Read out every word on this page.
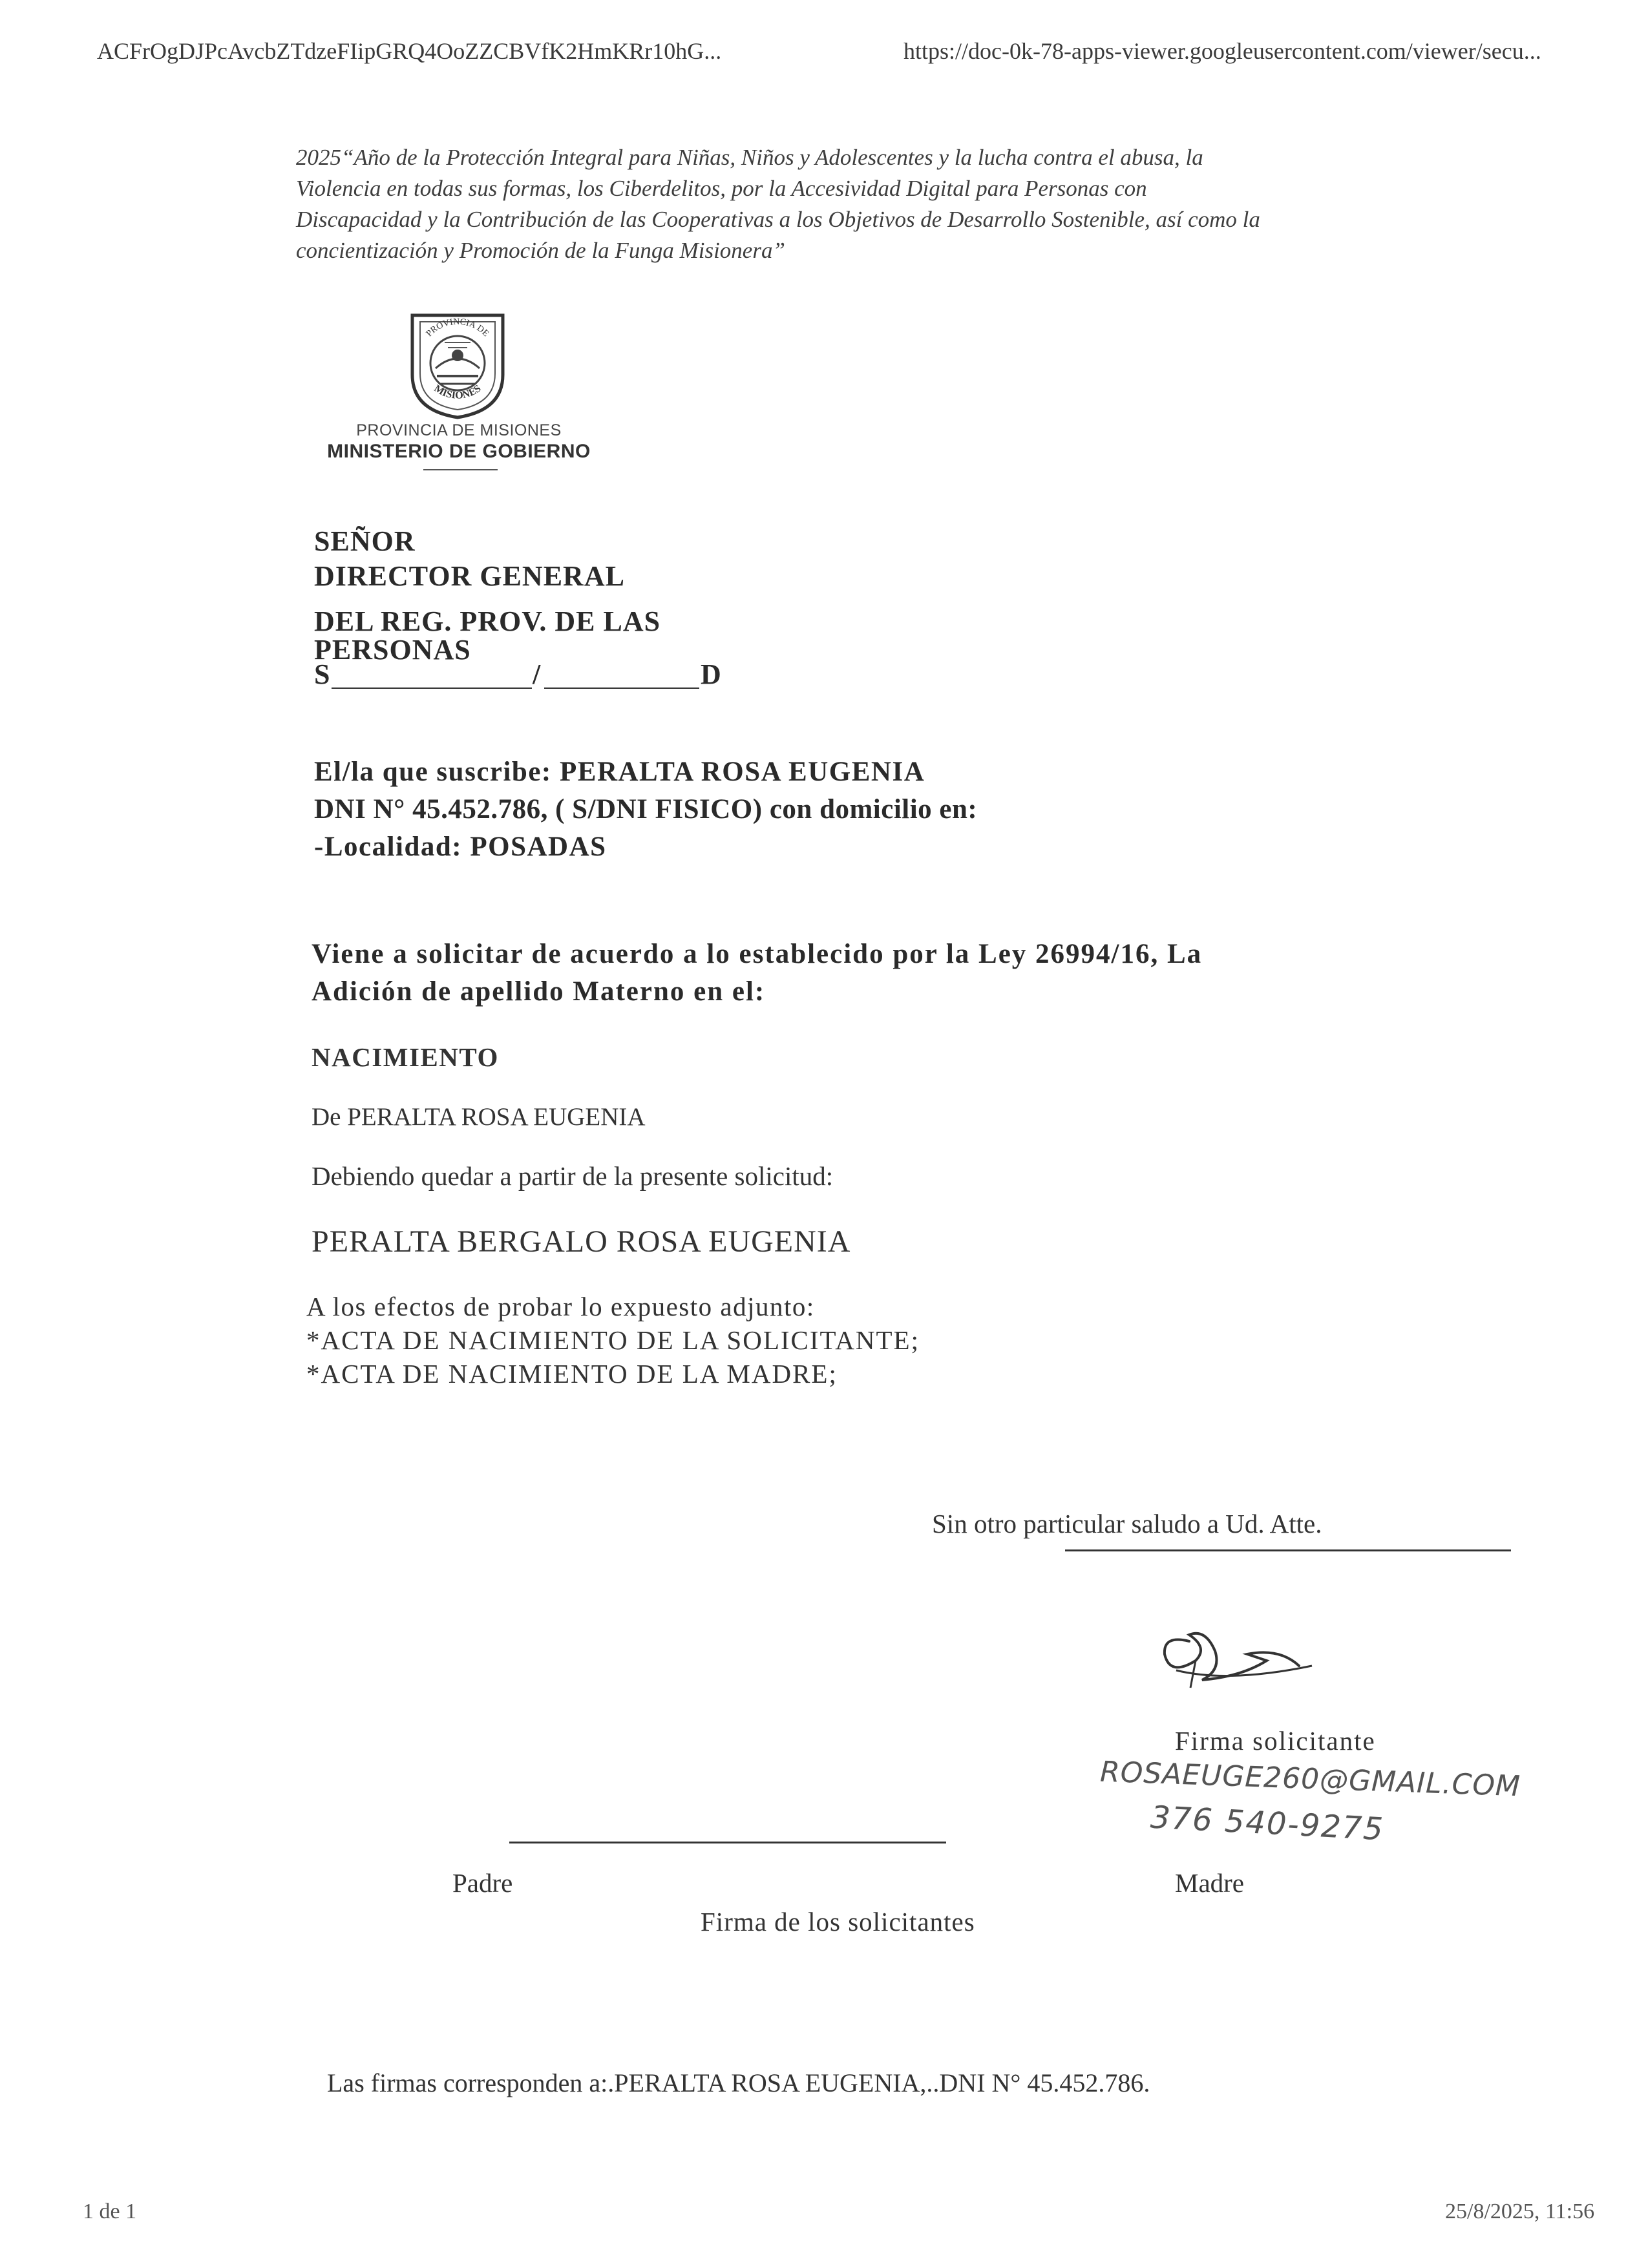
ACFrOgDJPcAvcbZTdzeFIipGRQ4OoZZCBVfK2HmKRr10hG...	https://doc-0k-78-apps-viewer.googleusercontent.com/viewer/secu...
2025“Año de la Protección Integral para Niñas, Niños y Adolescentes y la lucha contra el abusa, la
Violencia en todas sus formas, los Ciberdelitos, por la Accesividad Digital para Personas con
Discapacidad y la Contribución de las Cooperativas a los Objetivos de Desarrollo Sostenible, así como la
concientización y Promoción de la Funga Misionera”
PROVINCIA DE
MISIONES
PROVINCIA DE MISIONES
MINISTERIO DE GOBIERNO
SEÑOR
DIRECTOR GENERAL
DEL REG. PROV. DE LAS
PERSONAS
S	/	D
El/la que suscribe: PERALTA ROSA EUGENIA
DNI N° 45.452.786, ( S/DNI FISICO) con domicilio en:
-Localidad: POSADAS
Viene a solicitar de acuerdo a lo establecido por la Ley 26994/16, La
Adición de apellido Materno en el:
NACIMIENTO
De PERALTA ROSA EUGENIA
Debiendo quedar a partir de la presente solicitud:
PERALTA BERGALO ROSA EUGENIA
A los efectos de probar lo expuesto adjunto:
*ACTA DE NACIMIENTO DE LA SOLICITANTE;
*ACTA DE NACIMIENTO DE LA MADRE;
Sin otro particular saludo a Ud. Atte.
Firma solicitante
ROSAEUGE260@GMAIL.COM
376 540-9275
Padre	Madre
Firma de los solicitantes
Las firmas corresponden a:.PERALTA ROSA EUGENIA,..DNI N° 45.452.786.
1 de 1	25/8/2025, 11:56
